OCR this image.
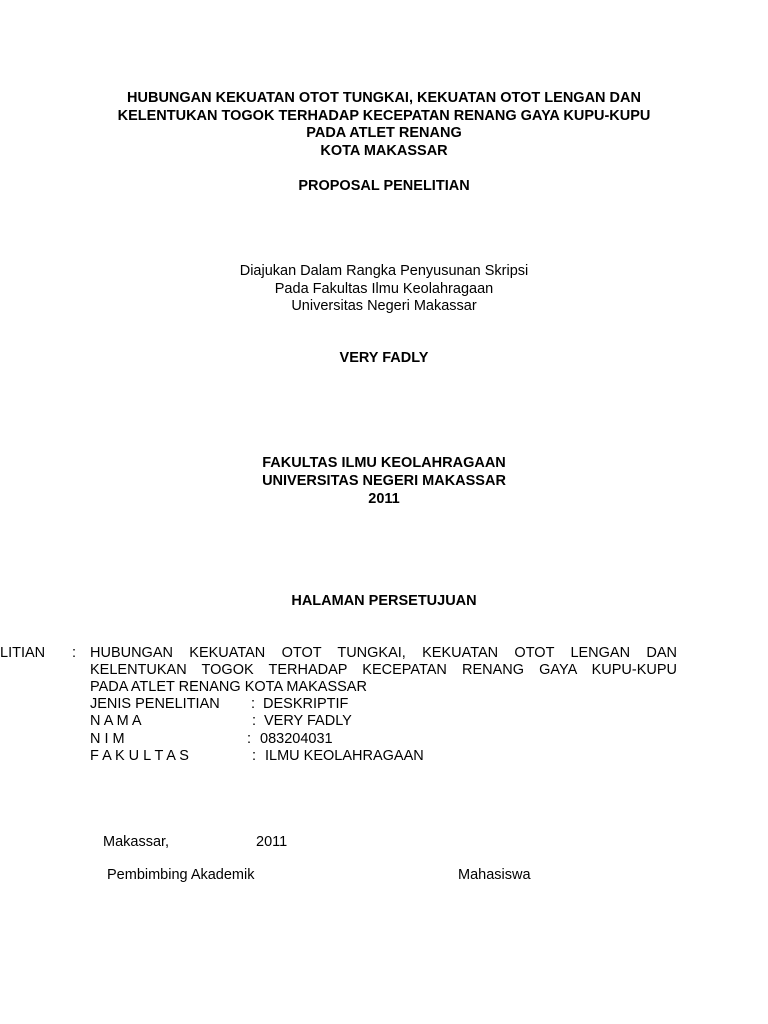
HUBUNGAN KEKUATAN OTOT TUNGKAI, KEKUATAN OTOT LENGAN DAN
KELENTUKAN TOGOK TERHADAP KECEPATAN RENANG GAYA KUPU-KUPU
PADA ATLET RENANG
KOTA MAKASSAR
PROPOSAL PENELITIAN
Diajukan Dalam Rangka Penyusunan Skripsi
Pada Fakultas Ilmu Keolahragaan
Universitas Negeri Makassar
VERY FADLY
FAKULTAS ILMU KEOLAHRAGAAN
UNIVERSITAS NEGERI MAKASSAR
2011
HALAMAN PERSETUJUAN
LITIAN : HUBUNGAN KEKUATAN OTOT TUNGKAI, KEKUATAN OTOT LENGAN DAN
KELENTUKAN TOGOK TERHADAP KECEPATAN RENANG GAYA KUPU-KUPU
PADA ATLET RENANG KOTA MAKASSAR
JENIS PENELITIAN : DESKRIPTIF
N A M A	: VERY FADLY
N I M	: 083204031
F A K U L T A S	: ILMU KEOLAHRAGAAN
Makassar,	2011
Pembimbing Akademik	Mahasiswa
